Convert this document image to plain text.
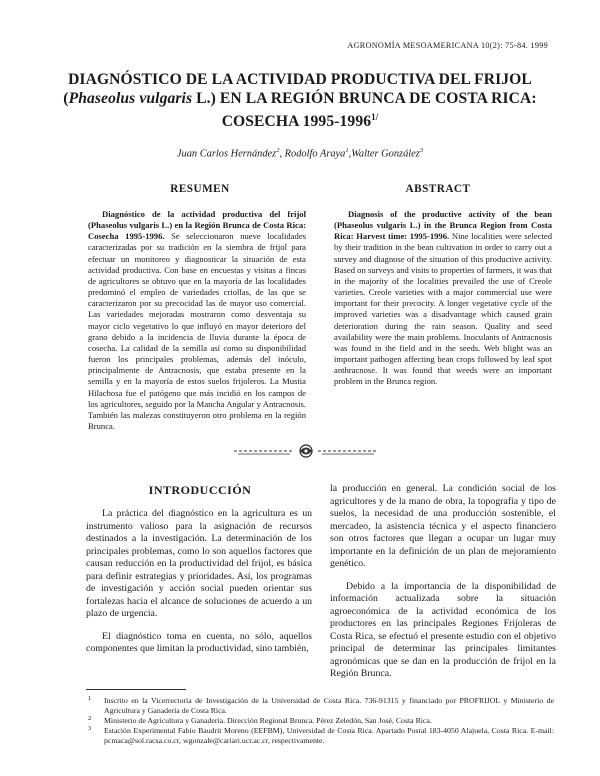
AGRONOMÍA MESOAMERICANA 10(2): 75-84. 1999
DIAGNÓSTICO DE LA ACTIVIDAD PRODUCTIVA DEL FRIJOL
(Phaseolus vulgaris L.) EN LA REGIÓN BRUNCA DE COSTA RICA:
COSECHA $1995-1996^{1/}$
Juan Carlos Hernández$^2$, Rodolfo Araya$^1$,Walter González$^3$
RESUMEN	ABSTRACT

Diagnóstico de la actividad productiva del frijol (Phaseolus vulgaris L.) en la Región Brunca de Costa Rica: Cosecha 1995-1996. Se seleccionaron nueve localidades caracterizadas por su tradición en la siembra de frijol para efectuar un monitoreo y diagnosticar la situación de esta actividad productiva. Con base en encuestas y visitas a fincas de agricultores se obtuvo que en la mayoría de las localidades predominó el empleo de variedades criollas, de las que se caracterizaron por su precocidad las de mayor uso comercial. Las variedades mejoradas mostraron como desventaja su mayor ciclo vegetativo lo que influyó en mayor deterioro del grano debido a la incidencia de lluvia durante la época de cosecha. La calidad de la semilla así como su disponibilidad fueron los principales problemas, además del inóculo, principalmente de Antracnosis, que estaba presente en la semilla y en la mayoría de estos suelos frijoleros. La Mustia Hilachosa fue el patógeno que más incidió en los campos de los agricultores, seguido por la Mancha Angular y Antracnosis. También las malezas constituyeron otro problema en la región Brunca.

Diagnosis of the productive activity of the bean (Phaseolus vulgaris L.) in the Brunca Region from Costa Rica: Harvest time: 1995-1996. Nine localities were selected by their tradition in the bean cultivation in order to carry out a survey and diagnose of the situation of this productive activity. Based on surveys and visits to properties of farmers, it was that in the majority of the localities prevailed the use of Creole varieties. Creole varieties with a major commercial use were important for their precocity. A longer vegetative cycle of the improved varieties was a disadvantage which caused grain deterioration during the rain season. Quality and seed availability were the main problems. Inoculants of Antracnosis was found in the field and in the seeds. Web blight was an important pathogen affecting bean crops followed by leaf spot anthracnose. It was found that weeds were an important problem in the Brunca region.

INTRODUCCIÓN

La práctica del diagnóstico en la agricultura es un instrumento valioso para la asignación de recursos destinados a la investigación. La determinación de los principales problemas, como lo son aquellos factores que causan reducción en la productividad del frijol, es básica para definir estrategias y prioridades. Así, los programas de investigación y acción social pueden orientar sus fortalezas hacia el alcance de soluciones de acuerdo a un plazo de urgencia.

El diagnóstico toma en cuenta, no sólo, aquellos componentes que limitan la productividad, sino también,

la producción en general. La condición social de los agricultores y de la mano de obra, la topografía y tipo de suelos, la necesidad de una producción sostenible, el mercadeo, la asistencia técnica y el aspecto financiero son otros factores que llegan a ocupar un lugar muy importante en la definición de un plan de mejoramiento genético.

Debido a la importancia de la disponibilidad de información actualizada sobre la situación agroeconómica de la actividad económica de los productores en las principales Regiones Frijoleras de Costa Rica, se efectuó el presente estudio con el objetivo principal de determinar las principales limitantes agronómicas que se dan en la producción de frijol en la Región Brunca.

1 Inscrito en la Vicerrectoría de Investigación de la Universidad de Costa Rica. 736-91315 y financiado por PROFRIJOL y Ministerio de Agricultura y Ganadería de Costa Rica.
2 Ministerio de Agricultura y Ganadería. Dirección Regional Brunca. Pérez Zeledón, San José, Costa Rica.
3 Estación Experimental Fabio Baudrit Moreno (EEFBM), Universidad de Costa Rica. Apartado Postal 183-4050 Alajuela, Costa Rica. E-mail: pcmaca@sol.racsa.co.cr, wgonzale@cariari.ucr.ac.cr, respectivamente.
